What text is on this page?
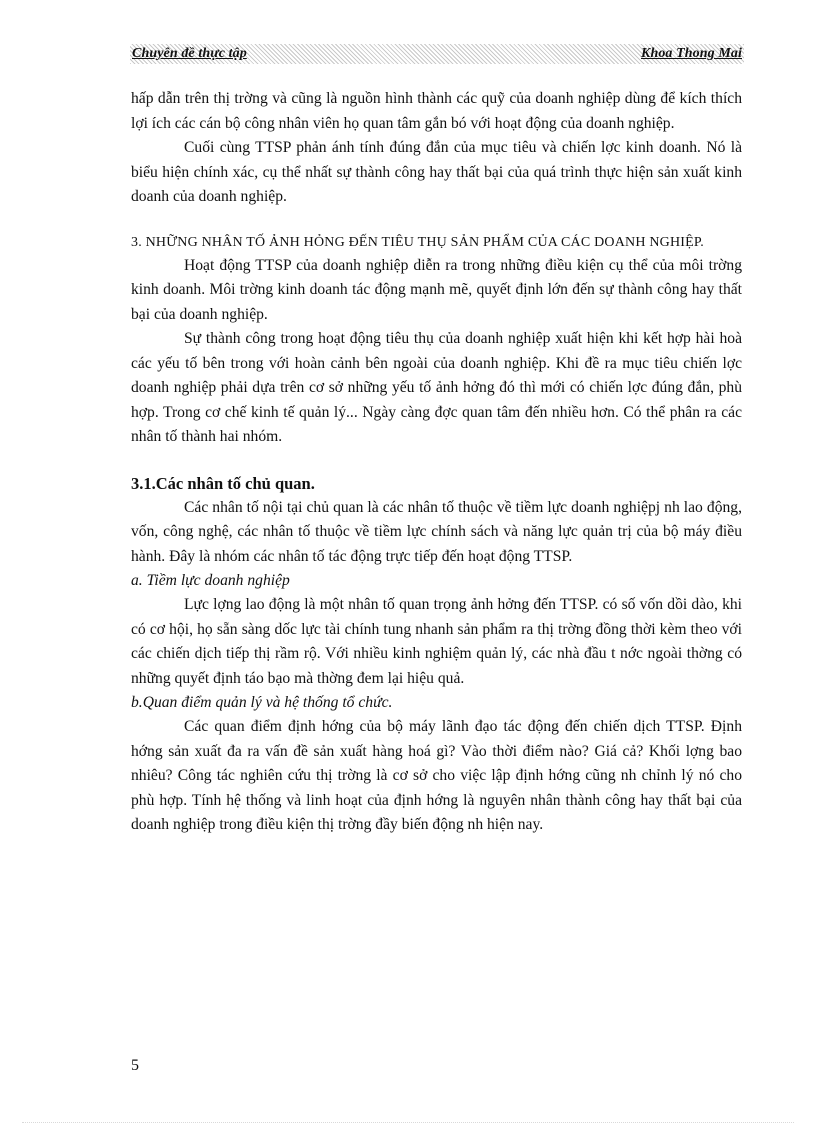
Chuyên đề thực tập	Khoa Thong Mai

hấp dẫn trên thị trờng và cũng là nguồn hình thành các quỹ của doanh nghiệp dùng để kích thích lợi ích các cán bộ công nhân viên họ quan tâm gắn bó với hoạt động của doanh nghiệp.

Cuối cùng TTSP phản ánh tính đúng đắn của mục tiêu và chiến lợc kinh doanh. Nó là biểu hiện chính xác, cụ thể nhất sự thành công hay thất bại của quá trình thực hiện sản xuất kinh doanh của doanh nghiệp.

3. NHỮNG NHÂN TỐ ẢNH HỎNG ĐẾN TIÊU THỤ SẢN PHẨM CỦA CÁC DOANH NGHIỆP.

Hoạt động TTSP của doanh nghiệp diễn ra trong những điều kiện cụ thể của môi trờng kinh doanh. Môi trờng kinh doanh tác động mạnh mẽ, quyết định lớn đến sự thành công hay thất bại của doanh nghiệp.

Sự thành công trong hoạt động tiêu thụ của doanh nghiệp xuất hiện khi kết hợp hài hoà các yếu tố bên trong với hoàn cảnh bên ngoài của doanh nghiệp. Khi đề ra mục tiêu chiến lợc doanh nghiệp phải dựa trên cơ sở những yếu tố ảnh hởng đó thì mới có chiến lợc đúng đắn, phù hợp. Trong cơ chế kinh tế quản lý... Ngày càng đợc quan tâm đến nhiều hơn. Có thể phân ra các nhân tố thành hai nhóm.

3.1.Các nhân tố chủ quan.

Các nhân tố nội tại chủ quan là các nhân tố thuộc về tiềm lực doanh nghiệpj nh lao động, vốn, công nghệ, các nhân tố thuộc về tiềm lực chính sách và năng lực quản trị của bộ máy điều hành. Đây là nhóm các nhân tố tác động trực tiếp đến hoạt động TTSP.

a. Tiềm lực doanh nghiệp

Lực lợng lao động là một nhân tố quan trọng ảnh hởng đến TTSP. có số vốn dồi dào, khi có cơ hội, họ sẵn sàng dốc lực tài chính tung nhanh sản phẩm ra thị trờng đồng thời kèm theo với các chiến dịch tiếp thị rầm rộ. Với nhiều kinh nghiệm quản lý, các nhà đầu t nớc ngoài thờng có những quyết định táo bạo mà thờng đem lại hiệu quả.

b.Quan điểm quản lý và hệ thống tổ chức.

Các quan điểm định hớng của bộ máy lãnh đạo tác động đến chiến dịch TTSP. Định hớng sản xuất đa ra vấn đề sản xuất hàng hoá gì? Vào thời điểm nào? Giá cả? Khối lợng bao nhiêu? Công tác nghiên cứu thị trờng là cơ sở cho việc lập định hớng cũng nh chỉnh lý nó cho phù hợp. Tính hệ thống và linh hoạt của định hớng là nguyên nhân thành công hay thất bại của doanh nghiệp trong điều kiện thị trờng đầy biến động nh hiện nay.

5
